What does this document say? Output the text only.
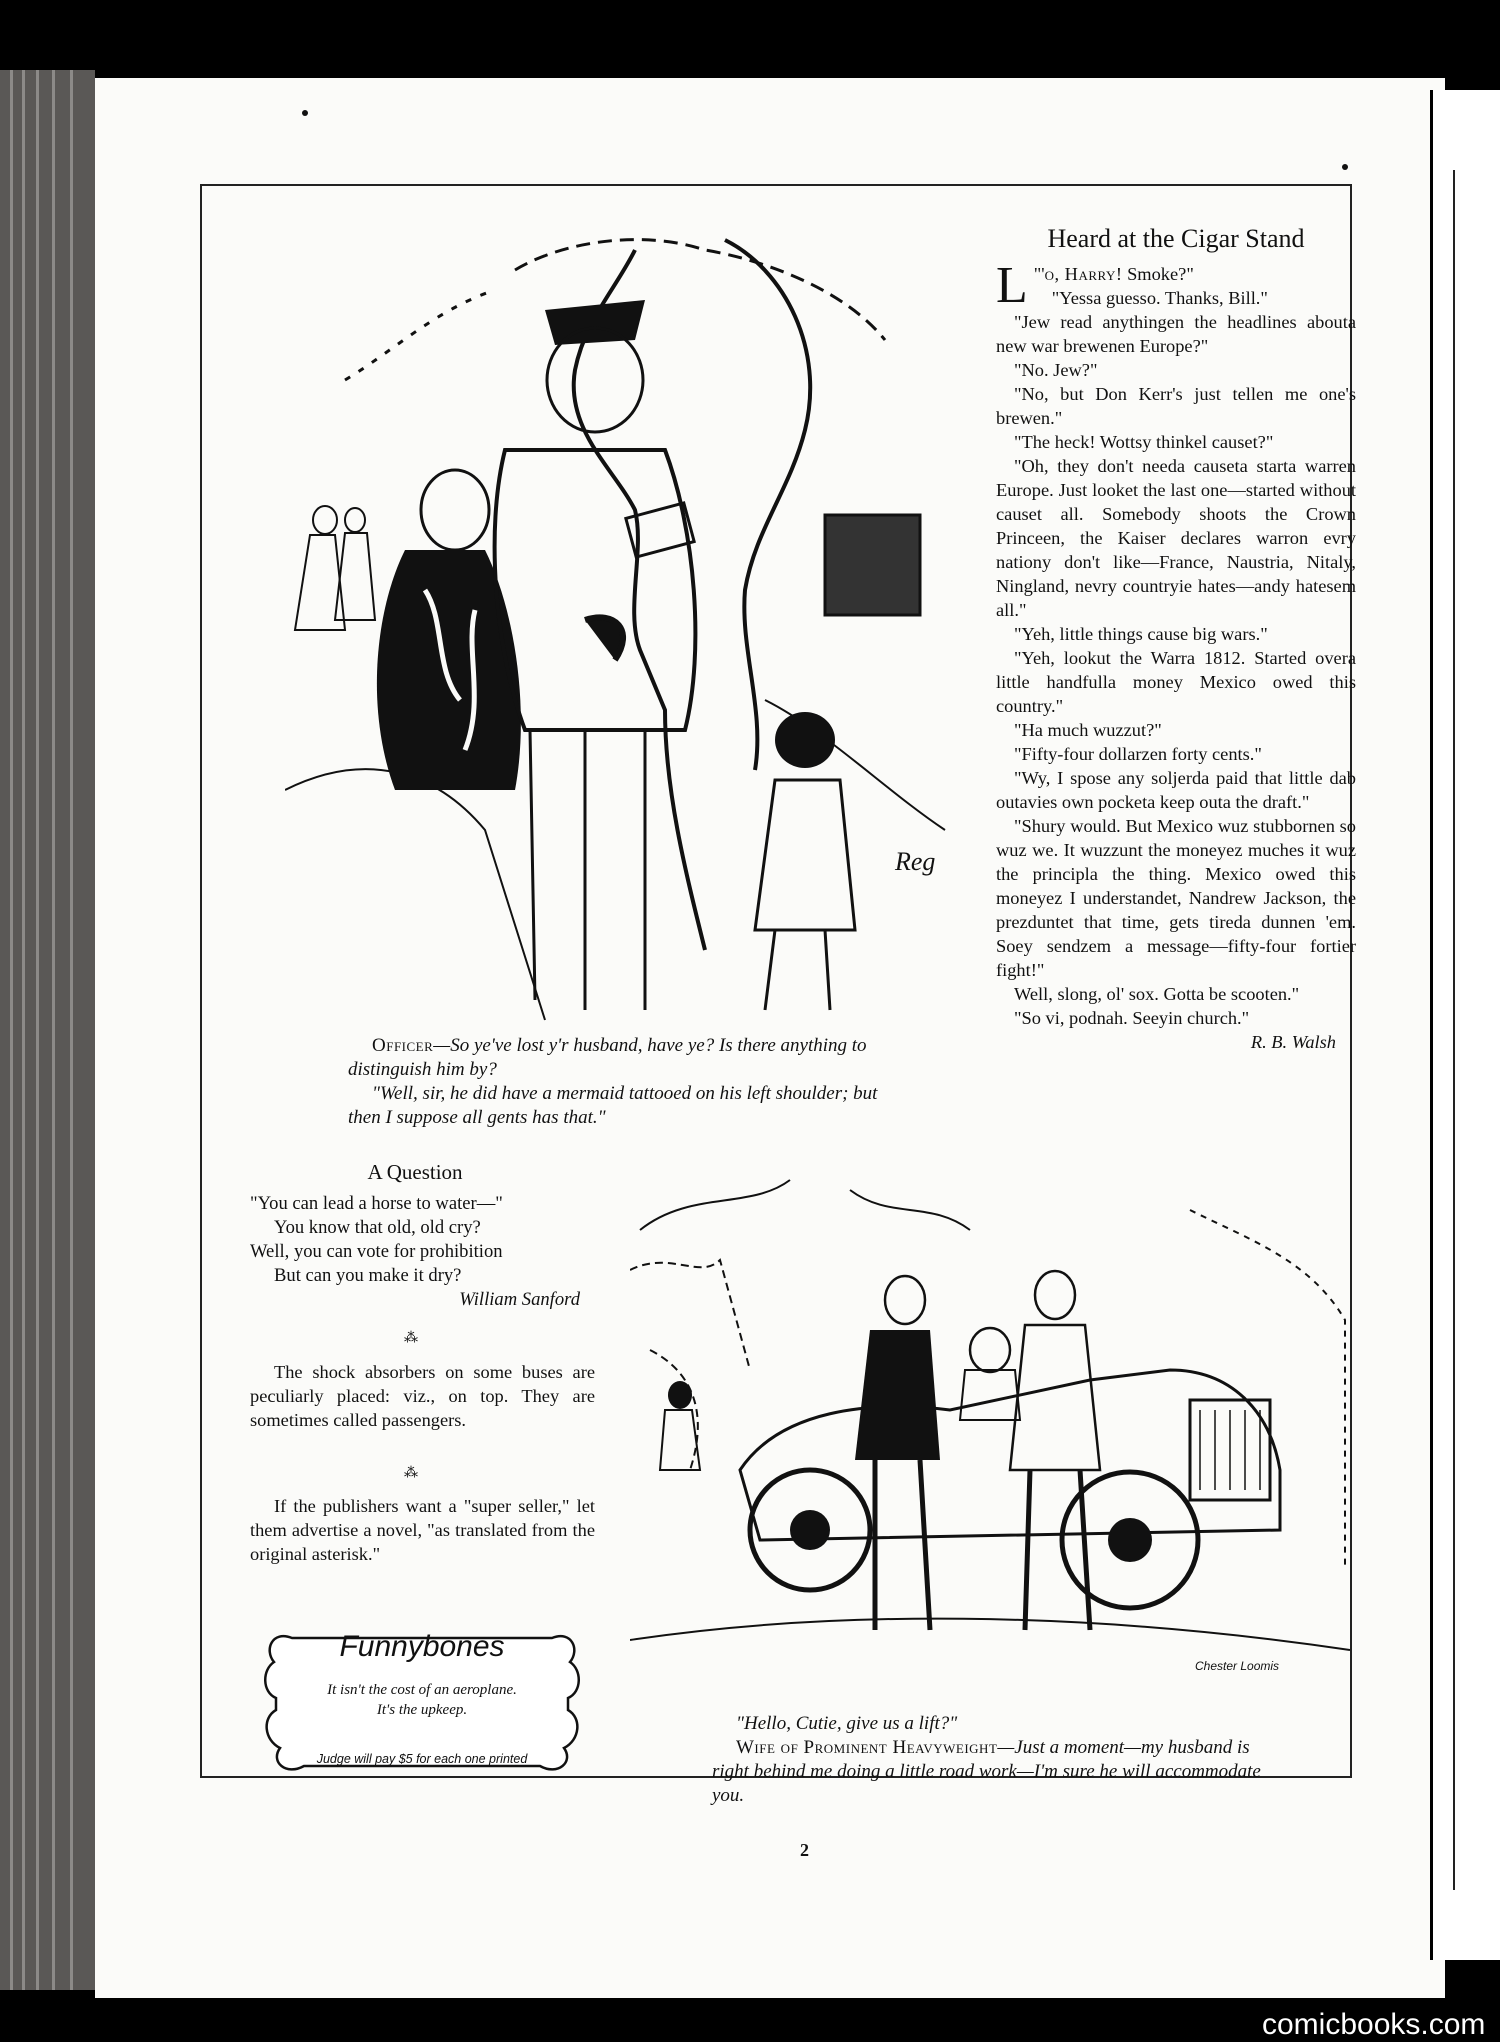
Reg
Officer—So ye've lost y'r husband, have ye? Is there anything to distinguish him by?
"Well, sir, he did have a mermaid tattooed on his left shoulder; but then I suppose all gents has that."
Heard at the Cigar Stand

"'
L o, Harry! Smoke?"

"Yessa guesso. Thanks, Bill."

"Jew read anythingen the headlines abouta new war brewenen Europe?"

"No. Jew?"

"No, but Don Kerr's just tellen me one's brewen."

"The heck! Wottsy thinkel causet?"

"Oh, they don't needa causeta starta warren Europe. Just looket the last one—started without causet all. Somebody shoots the Crown Princeen, the Kaiser declares warron evry nationy don't like—France, Naustria, Nitaly, Ningland, nevry countryie hates—andy hatesem all."

"Yeh, little things cause big wars."

"Yeh, lookut the Warra 1812. Started overa little handfulla money Mexico owed this country."

"Ha much wuzzut?"

"Fifty-four dollarzen forty cents."

"Wy, I spose any soljerda paid that little dab outavies own pocketa keep outa the draft."

"Shury would. But Mexico wuz stubbornen so wuz we. It wuzzunt the moneyez muches it wuz the principla the thing. Mexico owed this moneyez I understandet, Nandrew Jackson, the prezduntet that time, gets tireda dunnen 'em. Soey sendzem a message—fifty-four fortier fight!"

Well, slong, ol' sox. Gotta be scooten."

"So vi, podnah. Seeyin church."

R. B. Walsh
A Question
"You can lead a horse to water—"
You know that old, old cry?
Well, you can vote for prohibition
But can you make it dry?
William Sanford
⁂
The shock absorbers on some buses are peculiarly placed: viz., on top. They are sometimes called passengers.
⁂
If the publishers want a "super seller," let them advertise a novel, "as translated from the original asterisk."
Funnybones
It isn't the cost of an aeroplane.
It's the upkeep.
Judge will pay $5 for each one printed
Chester Loomis
"Hello, Cutie, give us a lift?"
Wife of Prominent Heavyweight—Just a moment—my husband is right behind me doing a little road work—I'm sure he will accommodate you.
2
comicbooks.com
